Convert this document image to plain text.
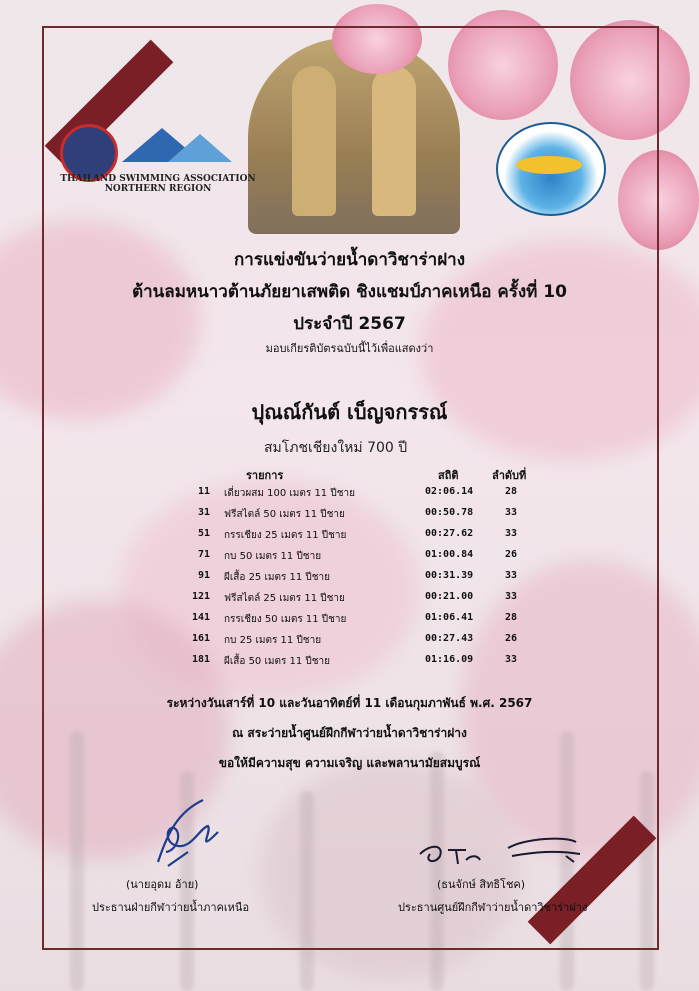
THAILAND SWIMMING ASSOCIATION
NORTHERN REGION

การแข่งขันว่ายน้ำดาวิชาร่าฝาง

ต้านลมหนาวต้านภัยยาเสพติด ชิงแชมป์ภาคเหนือ ครั้งที่ 10

ประจำปี 2567

มอบเกียรติบัตรฉบับนี้ไว้เพื่อแสดงว่า

ปุณณ์กันต์ เบ็ญจกรรณ์
สมโภชเชียงใหม่ 700 ปี
รายการ	สถิติ	ลำดับที่
11 เดี่ยวผสม 100 เมตร 11 ปีชาย	02:06.14	28
31 ฟรีสไตล์ 50 เมตร 11 ปีชาย	00:50.78	33
51 กรรเชียง 25 เมตร 11 ปีชาย	00:27.62	33
71 กบ 50 เมตร 11 ปีชาย	01:00.84	26
91 ผีเสื้อ 25 เมตร 11 ปีชาย	00:31.39	33
121 ฟรีสไตล์ 25 เมตร 11 ปีชาย	00:21.00	33
141 กรรเชียง 50 เมตร 11 ปีชาย	01:06.41	28
161 กบ 25 เมตร 11 ปีชาย	00:27.43	26
181 ผีเสื้อ 50 เมตร 11 ปีชาย	01:16.09	33

ระหว่างวันเสาร์ที่ 10 และวันอาทิตย์ที่ 11 เดือนกุมภาพันธ์ พ.ศ. 2567

ณ สระว่ายน้ำศูนย์ฝึกกีฬาว่ายน้ำดาวิชาร่าฝาง

ขอให้มีความสุข ความเจริญ และพลานามัยสมบูรณ์

(นายอุดม อ้าย)
ประธานฝ่ายกีฬาว่ายน้ำภาคเหนือ
(ธนจักษ์ สิทธิโชค)
ประธานศูนย์ฝึกกีฬาว่ายน้ำดาวิชาร่าฝาง
